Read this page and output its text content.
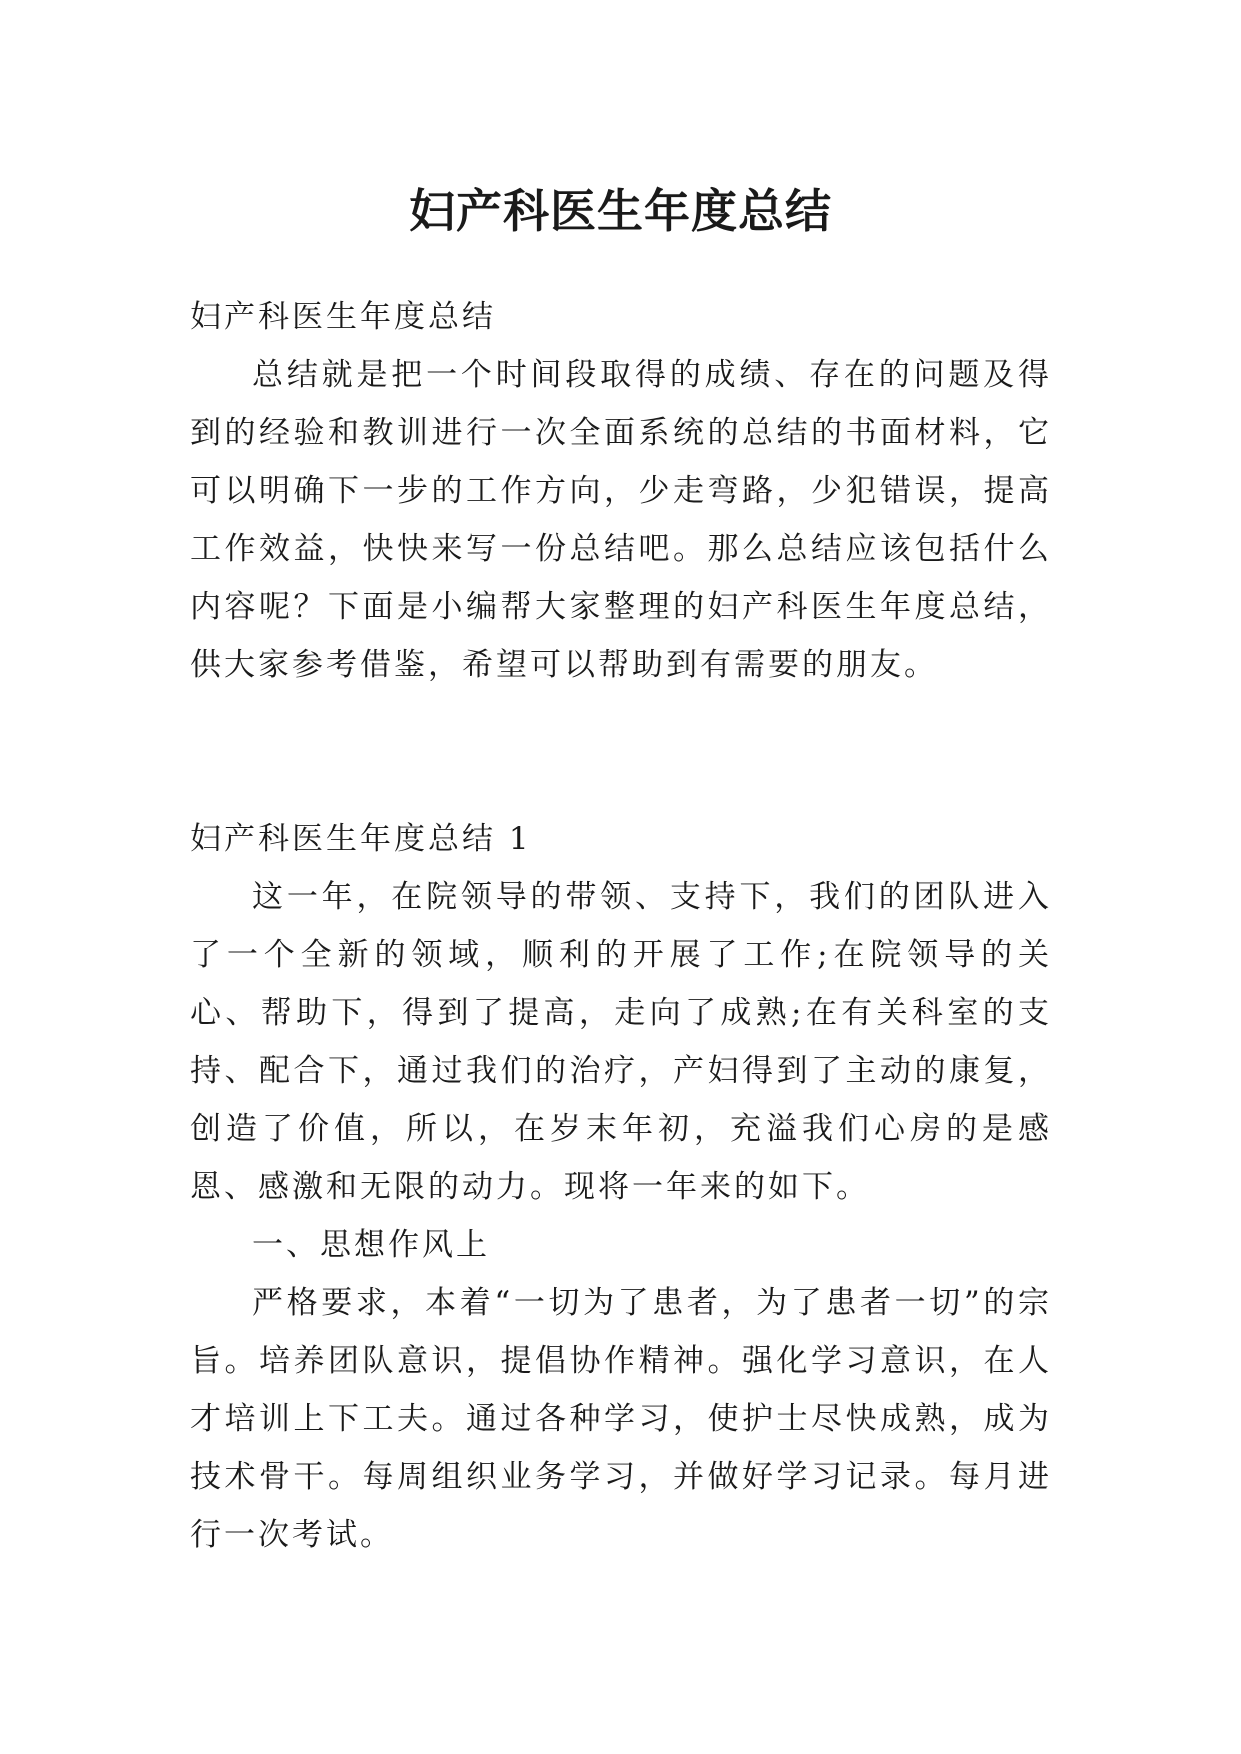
妇产科医生年度总结

妇产科医生年度总结

总结就是把一个时间段取得的成绩、存在的问题及得到的经验和教训进行一次全面系统的总结的书面材料，它可以明确下一步的工作方向，少走弯路，少犯错误，提高工作效益，快快来写一份总结吧。那么总结应该包括什么内容呢？下面是小编帮大家整理的妇产科医生年度总结，供大家参考借鉴，希望可以帮助到有需要的朋友。

妇产科医生年度总结 1

这一年，在院领导的带领、支持下，我们的团队进入了一个全新的领域，顺利的开展了工作;在院领导的关心、帮助下，得到了提高，走向了成熟;在有关科室的支持、配合下，通过我们的治疗，产妇得到了主动的康复，创造了价值，所以，在岁末年初，充溢我们心房的是感恩、感激和无限的动力。现将一年来的如下。

一、思想作风上

严格要求，本着“一切为了患者，为了患者一切”的宗旨。培养团队意识，提倡协作精神。强化学习意识，在人才培训上下工夫。通过各种学习，使护士尽快成熟，成为技术骨干。每周组织业务学习，并做好学习记录。每月进行一次考试。
